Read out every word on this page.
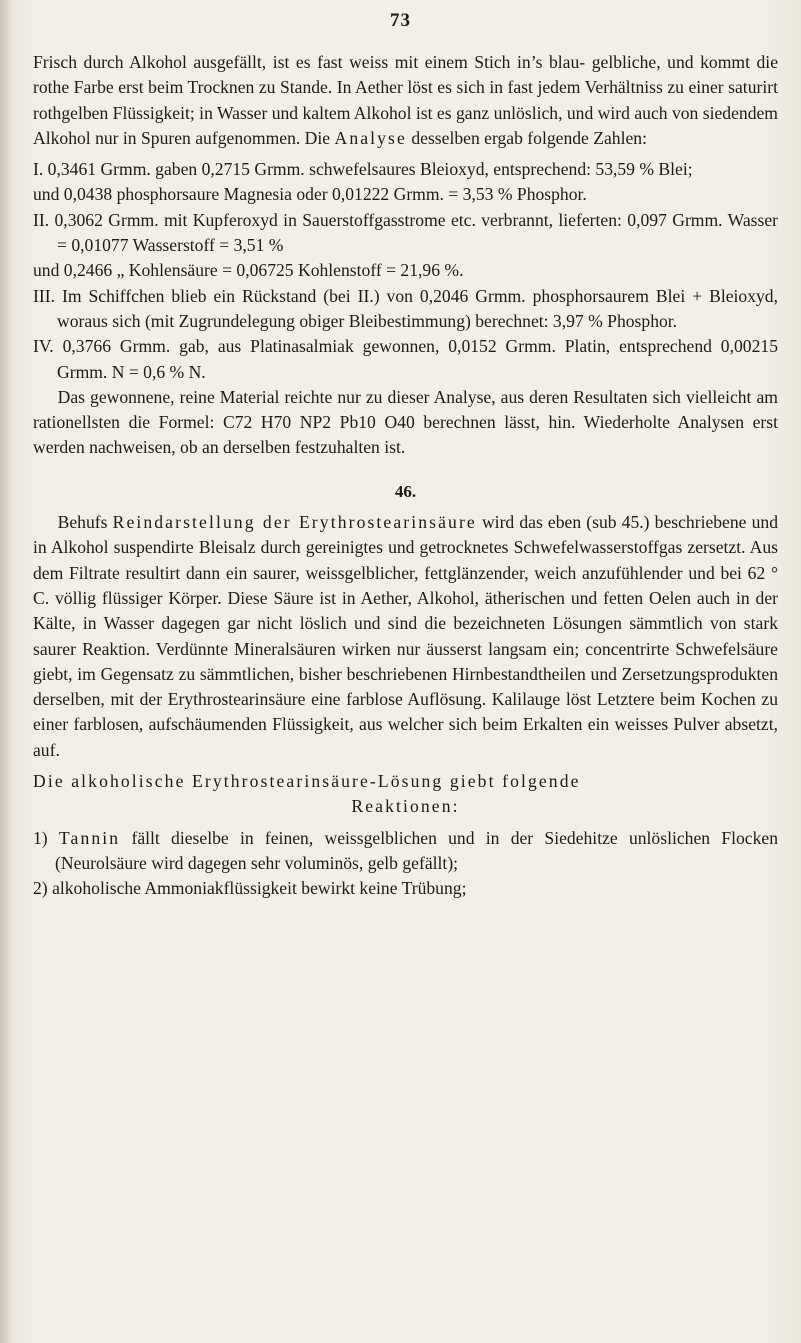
73

Frisch durch Alkohol ausgefällt, ist es fast weiss mit einem Stich in’s blau- gelbliche, und kommt die rothe Farbe erst beim Trocknen zu Stande. In Aether löst es sich in fast jedem Verhältniss zu einer saturirt rothgelben Flüssigkeit; in Wasser und kaltem Alkohol ist es ganz unlöslich, und wird auch von siedendem Alkohol nur in Spuren aufgenommen. Die Analyse desselben ergab folgende Zahlen:

I. 0,3461 Grmm. gaben 0,2715 Grmm. schwefelsaures Bleioxyd, entsprechend: 53,59 % Blei;

und 0,0438 phosphorsaure Magnesia oder 0,01222 Grmm. = 3,53 % Phosphor.

II. 0,3062 Grmm. mit Kupferoxyd in Sauerstoffgasstrome etc. verbrannt, lieferten: 0,097 Grmm. Wasser = 0,01077 Wasserstoff = 3,51 %

und 0,2466 „ Kohlensäure = 0,06725 Kohlenstoff = 21,96 %.

III. Im Schiffchen blieb ein Rückstand (bei II.) von 0,2046 Grmm. phosphorsaurem Blei + Bleioxyd, woraus sich (mit Zugrundelegung obiger Bleibestimmung) berechnet: 3,97 % Phosphor.

IV. 0,3766 Grmm. gab, aus Platinasalmiak gewonnen, 0,0152 Grmm. Platin, entsprechend 0,00215 Grmm. N = 0,6 % N.

Das gewonnene, reine Material reichte nur zu dieser Analyse, aus deren Resultaten sich vielleicht am rationellsten die Formel: C72 H70 NP2 Pb10 O40 berechnen lässt, hin. Wiederholte Analysen erst werden nachweisen, ob an derselben festzuhalten ist.

46.

Behufs Reindarstellung der Erythrostearinsäure wird das eben (sub 45.) beschriebene und in Alkohol suspendirte Bleisalz durch gereinigtes und getrocknetes Schwefelwasserstoffgas zersetzt. Aus dem Filtrate resultirt dann ein saurer, weissgelblicher, fettglänzender, weich anzufühlender und bei 62 ° C. völlig flüssiger Körper. Diese Säure ist in Aether, Alkohol, ätherischen und fetten Oelen auch in der Kälte, in Wasser dagegen gar nicht löslich und sind die bezeichneten Lösungen sämmtlich von stark saurer Reaktion. Verdünnte Mineralsäuren wirken nur äusserst langsam ein; concentrirte Schwefelsäure giebt, im Gegensatz zu sämmtlichen, bisher beschriebenen Hirnbestandtheilen und Zersetzungsprodukten derselben, mit der Erythrostearinsäure eine farblose Auflösung. Kalilauge löst Letztere beim Kochen zu einer farblosen, aufschäumenden Flüssigkeit, aus welcher sich beim Erkalten ein weisses Pulver absetzt, auf.

Die alkoholische Erythrostearinsäure-Lösung giebt folgende

Reaktionen:

1) Tannin fällt dieselbe in feinen, weissgelblichen und in der Siedehitze unlöslichen Flocken (Neurolsäure wird dagegen sehr voluminös, gelb gefällt);

2) alkoholische Ammoniakflüssigkeit bewirkt keine Trübung;
